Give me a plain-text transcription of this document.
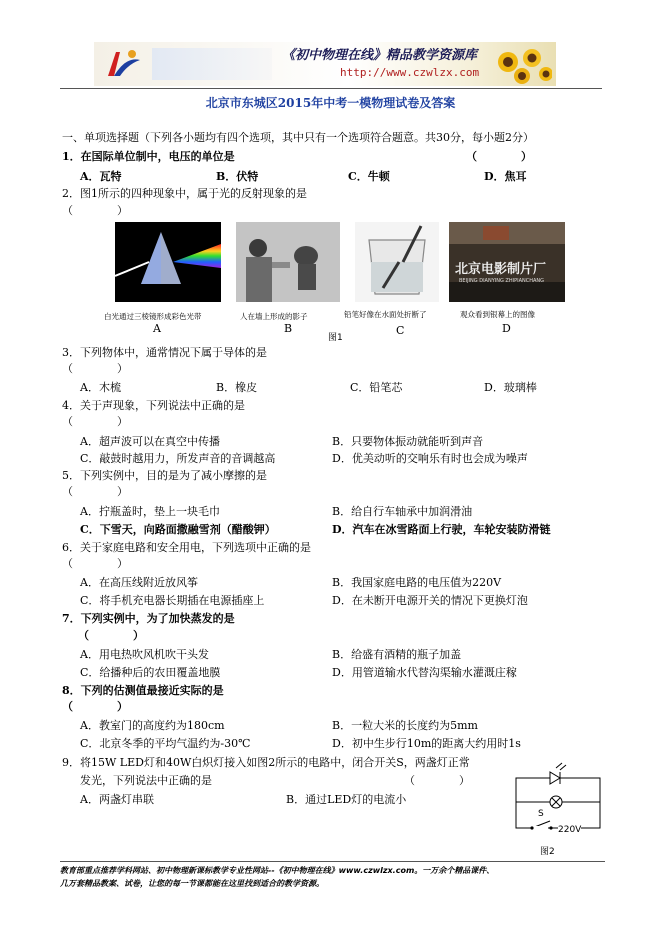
《初中物理在线》精品教学资源库
http://www.czwlzx.com
北京市东城区2015年中考一模物理试卷及答案
一、单项选择题（下列各小题均有四个选项，其中只有一个选项符合题意。共30分，每小题2分）
1．在国际单位制中，电压的单位是	（　　　　）
A．瓦特	B．伏特	C．牛顿	D．焦耳
2．图1所示的四种现象中，属于光的反射现象的是
（　　　　）
北京电影制片厂
BEIJING DIANYING ZHIPIANCHANG
白光通过三棱镜形成彩色光带	人在墙上形成的影子	铅笔好像在水面处折断了	观众看到银幕上的图像
A	B
图1
C	D
3．下列物体中，通常情况下属于导体的是
（　　　　）
A．木梳	B．橡皮	C．铅笔芯	D．玻璃棒
4．关于声现象，下列说法中正确的是
（　　　　）
A．超声波可以在真空中传播	B．只要物体振动就能听到声音
C．敲鼓时越用力，所发声音的音调越高	D．优美动听的交响乐有时也会成为噪声
5．下列实例中，目的是为了减小摩擦的是
（　　　　）
A．拧瓶盖时，垫上一块毛巾	B．给自行车轴承中加润滑油
C．下雪天，向路面撒融雪剂（醋酸钾）	D．汽车在冰雪路面上行驶，车轮安装防滑链
6．关于家庭电路和安全用电，下列选项中正确的是
（　　　　）
A．在高压线附近放风筝	B．我国家庭电路的电压值为220V
C．将手机充电器长期插在电源插座上	D．在未断开电源开关的情况下更换灯泡
7．下列实例中，为了加快蒸发的是
（　　　　）
A．用电热吹风机吹干头发	B．给盛有酒精的瓶子加盖
C．给播种后的农田覆盖地膜	D．用管道输水代替沟渠输水灌溉庄稼
8．下列的估测值最接近实际的是
（　　　　）
A．教室门的高度约为180cm	B．一粒大米的长度约为5mm
C．北京冬季的平均气温约为-30℃	D．初中生步行10m的距离大约用时1s
9．将15W LED灯和40W白炽灯接入如图2所示的电路中，闭合开关S，两盏灯正常
发光，下列说法中正确的是	（　　　　）
A．两盏灯串联	B．通过LED灯的电流小
S
220V
图2
教育部重点推荐学科网站、初中物理新课标教学专业性网站--《初中物理在线》www.czwlzx.com。一万余个精品课件、
几万套精品教案、试卷，让您的每一节课都能在这里找到适合的教学资源。
